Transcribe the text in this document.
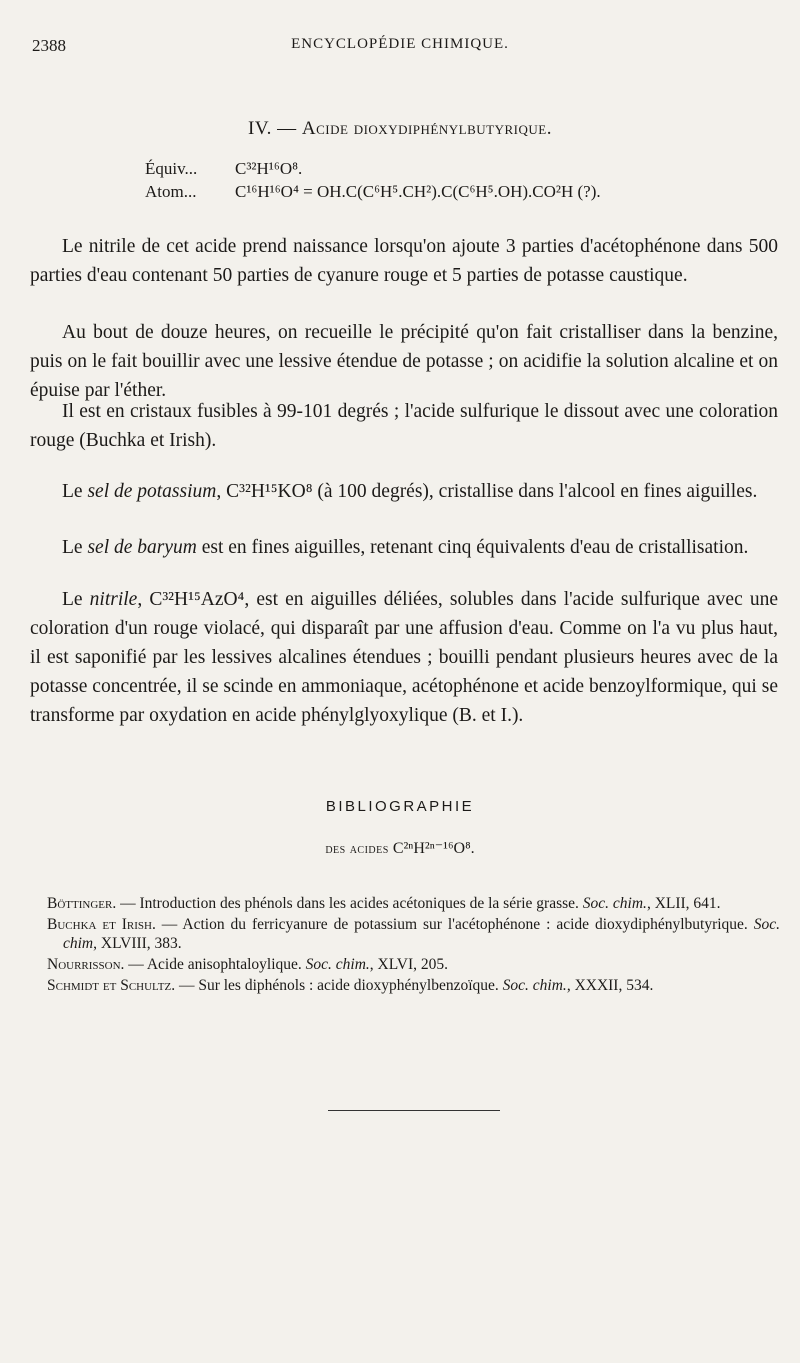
2388	ENCYCLOPÉDIE CHIMIQUE.
IV. — Acide dioxydiphénylbutyrique.
Équiv... C³²H¹⁶O⁸.
Atom... C¹⁶H¹⁶O⁴ = OH.C(C⁶H⁵.CH²).C(C⁶H⁵.OH).CO²H (?).

Le nitrile de cet acide prend naissance lorsqu'on ajoute 3 parties d'acétophénone dans 500 parties d'eau contenant 50 parties de cyanure rouge et 5 parties de potasse caustique.

Au bout de douze heures, on recueille le précipité qu'on fait cristalliser dans la benzine, puis on le fait bouillir avec une lessive étendue de potasse ; on acidifie la solution alcaline et on épuise par l'éther.

Il est en cristaux fusibles à 99-101 degrés ; l'acide sulfurique le dissout avec une coloration rouge (Buchka et Irish).

Le sel de potassium, C³²H¹⁵KO⁸ (à 100 degrés), cristallise dans l'alcool en fines aiguilles.

Le sel de baryum est en fines aiguilles, retenant cinq équivalents d'eau de cristallisation.

Le nitrile, C³²H¹⁵AzO⁴, est en aiguilles déliées, solubles dans l'acide sulfurique avec une coloration d'un rouge violacé, qui disparaît par une affusion d'eau. Comme on l'a vu plus haut, il est saponifié par les lessives alcalines étendues ; bouilli pendant plusieurs heures avec de la potasse concentrée, il se scinde en ammoniaque, acétophénone et acide benzoylformique, qui se transforme par oxydation en acide phénylglyoxylique (B. et I.).

BIBLIOGRAPHIE
des acides C²ⁿH²ⁿ⁻¹⁶O⁸.

Böttinger. — Introduction des phénols dans les acides acétoniques de la série grasse. Soc. chim., XLII, 641.

Buchka et Irish. — Action du ferricyanure de potassium sur l'acétophénone : acide dioxydiphénylbutyrique. Soc. chim, XLVIII, 383.

Nourrisson. — Acide anisophtaloylique. Soc. chim., XLVI, 205.

Schmidt et Schultz. — Sur les diphénols : acide dioxyphénylbenzoïque. Soc. chim., XXXII, 534.
